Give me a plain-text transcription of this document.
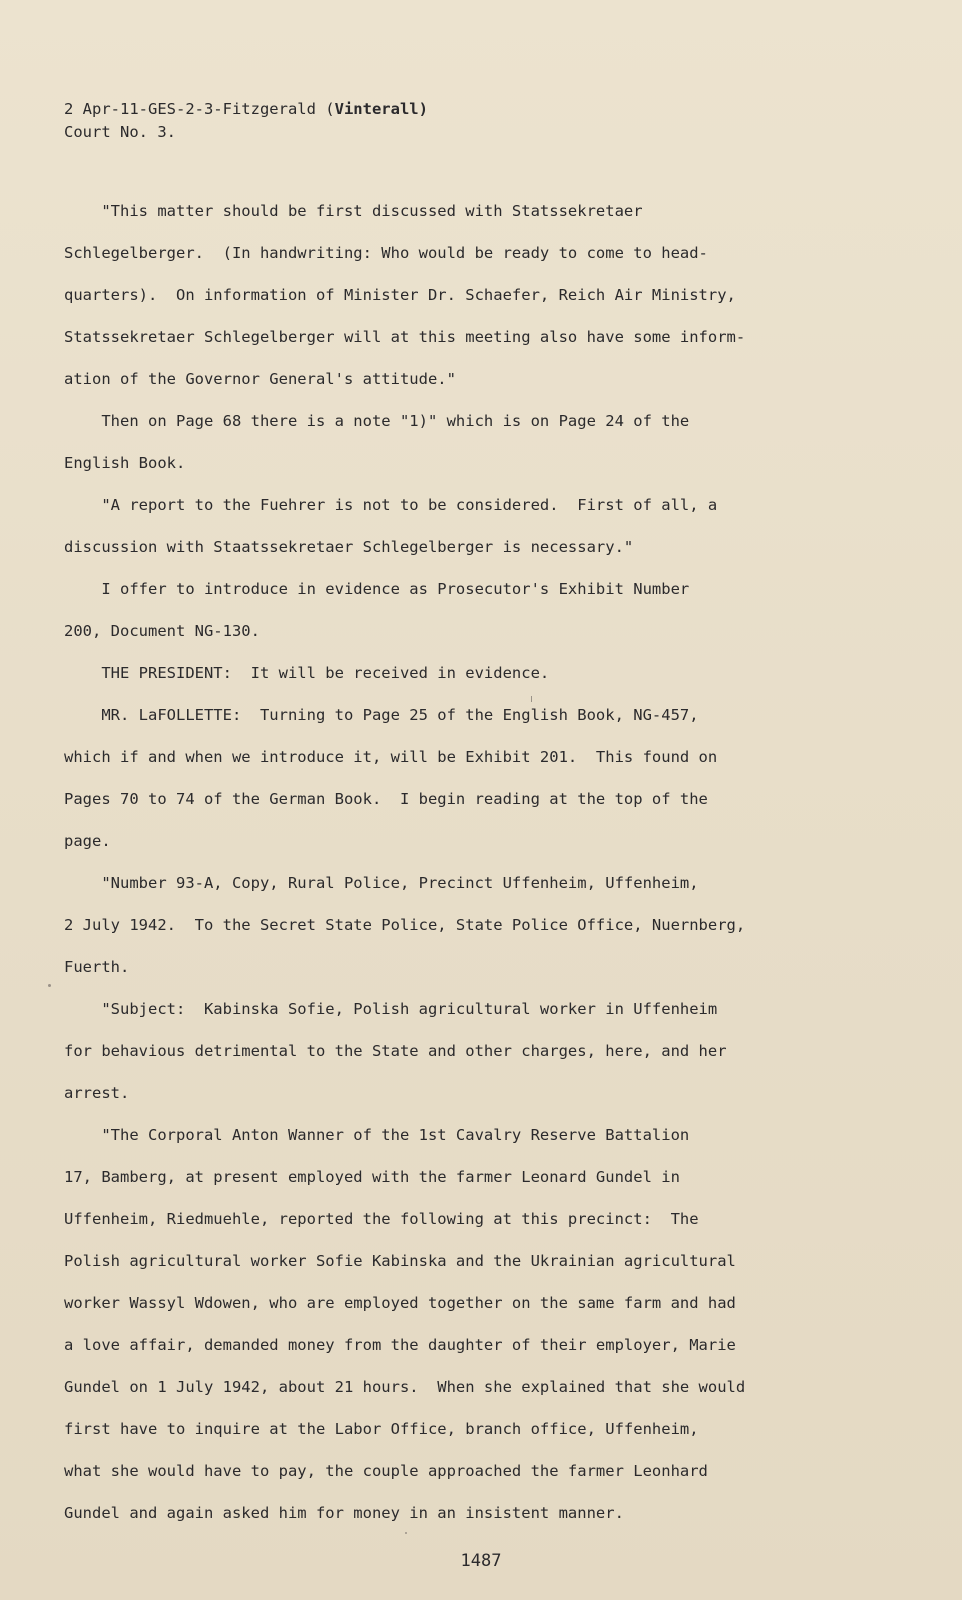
2 Apr-11-GES-2-3-Fitzgerald (Vinterall)
Court No. 3.
"This matter should be first discussed with Statssekretaer
Schlegelberger.  (In handwriting: Who would be ready to come to head-
quarters).  On information of Minister Dr. Schaefer, Reich Air Ministry,
Statssekretaer Schlegelberger will at this meeting also have some inform-
ation of the Governor General's attitude."
Then on Page 68 there is a note "1)" which is on Page 24 of the
English Book.
"A report to the Fuehrer is not to be considered.  First of all, a
discussion with Staatssekretaer Schlegelberger is necessary."
I offer to introduce in evidence as Prosecutor's Exhibit Number
200, Document NG-130.
THE PRESIDENT:  It will be received in evidence.
MR. LaFOLLETTE:  Turning to Page 25 of the English Book, NG-457,
which if and when we introduce it, will be Exhibit 201.  This found on
Pages 70 to 74 of the German Book.  I begin reading at the top of the
page.
"Number 93-A, Copy, Rural Police, Precinct Uffenheim, Uffenheim,
2 July 1942.  To the Secret State Police, State Police Office, Nuernberg,
Fuerth.
"Subject:  Kabinska Sofie, Polish agricultural worker in Uffenheim
for behavious detrimental to the State and other charges, here, and her
arrest.
"The Corporal Anton Wanner of the 1st Cavalry Reserve Battalion
17, Bamberg, at present employed with the farmer Leonard Gundel in
Uffenheim, Riedmuehle, reported the following at this precinct:  The
Polish agricultural worker Sofie Kabinska and the Ukrainian agricultural
worker Wassyl Wdowen, who are employed together on the same farm and had
a love affair, demanded money from the daughter of their employer, Marie
Gundel on 1 July 1942, about 21 hours.  When she explained that she would
first have to inquire at the Labor Office, branch office, Uffenheim,
what she would have to pay, the couple approached the farmer Leonhard
Gundel and again asked him for money in an insistent manner.
1487
